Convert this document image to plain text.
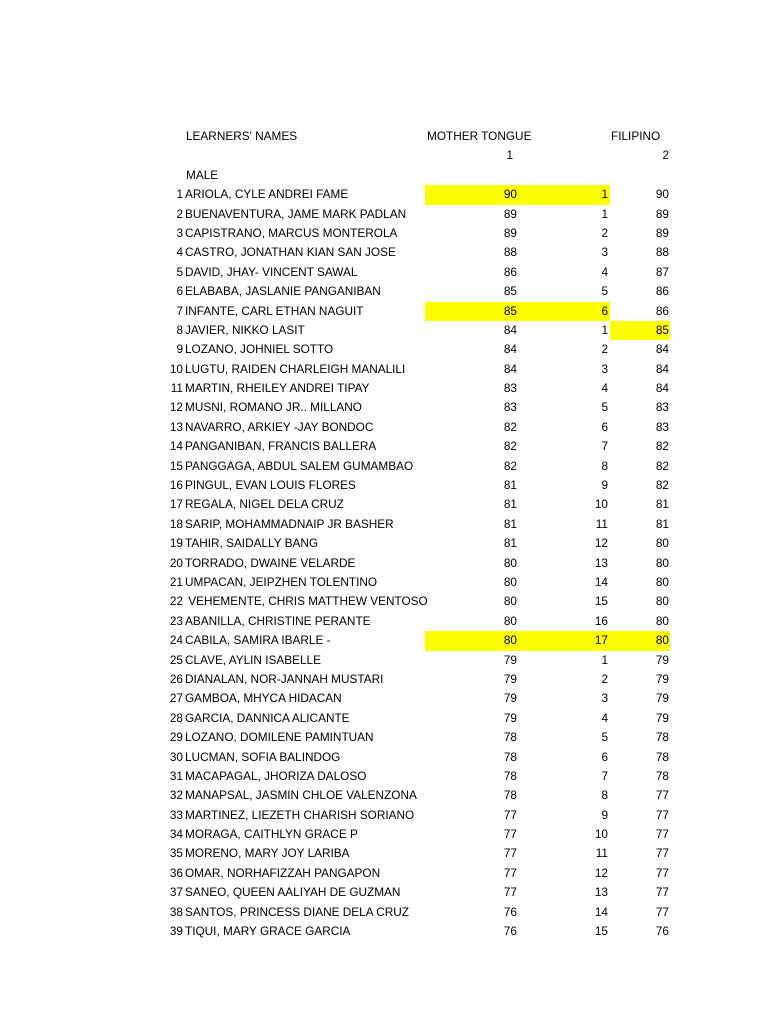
LEARNERS' NAMES	MOTHER TONGUE	FILIPINO
1	2
MALE
1 ARIOLA, CYLE ANDREI FAME	90	1	90
2 BUENAVENTURA, JAME MARK PADLAN	89	1	89
3 CAPISTRANO, MARCUS MONTEROLA	89	2	89
4 CASTRO, JONATHAN KIAN SAN JOSE	88	3	88
5 DAVID, JHAY- VINCENT SAWAL	86	4	87
6 ELABABA, JASLANIE PANGANIBAN	85	5	86
7 INFANTE, CARL ETHAN NAGUIT	85	6	86
8 JAVIER, NIKKO LASIT	84	1	85
9 LOZANO, JOHNIEL SOTTO	84	2	84
10 LUGTU, RAIDEN CHARLEIGH MANALILI	84	3	84
11 MARTIN, RHEILEY ANDREI TIPAY	83	4	84
12 MUSNI, ROMANO JR.. MILLANO	83	5	83
13 NAVARRO, ARKIEY -JAY BONDOC	82	6	83
14 PANGANIBAN, FRANCIS BALLERA	82	7	82
15 PANGGAGA, ABDUL SALEM GUMAMBAO	82	8	82
16 PINGUL, EVAN LOUIS FLORES	81	9	82
17 REGALA, NIGEL DELA CRUZ	81	10	81
18 SARIP, MOHAMMADNAIP JR BASHER	81	11	81
19 TAHIR, SAIDALLY BANG	81	12	80
20 TORRADO, DWAINE VELARDE	80	13	80
21 UMPACAN, JEIPZHEN TOLENTINO	80	14	80
22 VEHEMENTE, CHRIS MATTHEW VENTOSO	80	15	80
23 ABANILLA, CHRISTINE PERANTE	80	16	80
24 CABILA, SAMIRA IBARLE -	80	17	80
25 CLAVE, AYLIN ISABELLE	79	1	79
26 DIANALAN, NOR-JANNAH MUSTARI	79	2	79
27 GAMBOA, MHYCA HIDACAN	79	3	79
28 GARCIA, DANNICA ALICANTE	79	4	79
29 LOZANO, DOMILENE PAMINTUAN	78	5	78
30 LUCMAN, SOFIA BALINDOG	78	6	78
31 MACAPAGAL, JHORIZA DALOSO	78	7	78
32 MANAPSAL, JASMIN CHLOE VALENZONA	78	8	77
33 MARTINEZ, LIEZETH CHARISH SORIANO	77	9	77
34 MORAGA, CAITHLYN GRACE P	77	10	77
35 MORENO, MARY JOY LARIBA	77	11	77
36 OMAR, NORHAFIZZAH PANGAPON	77	12	77
37 SANEO, QUEEN AALIYAH DE GUZMAN	77	13	77
38 SANTOS, PRINCESS DIANE DELA CRUZ	76	14	77
39 TIQUI, MARY GRACE GARCIA	76	15	76
